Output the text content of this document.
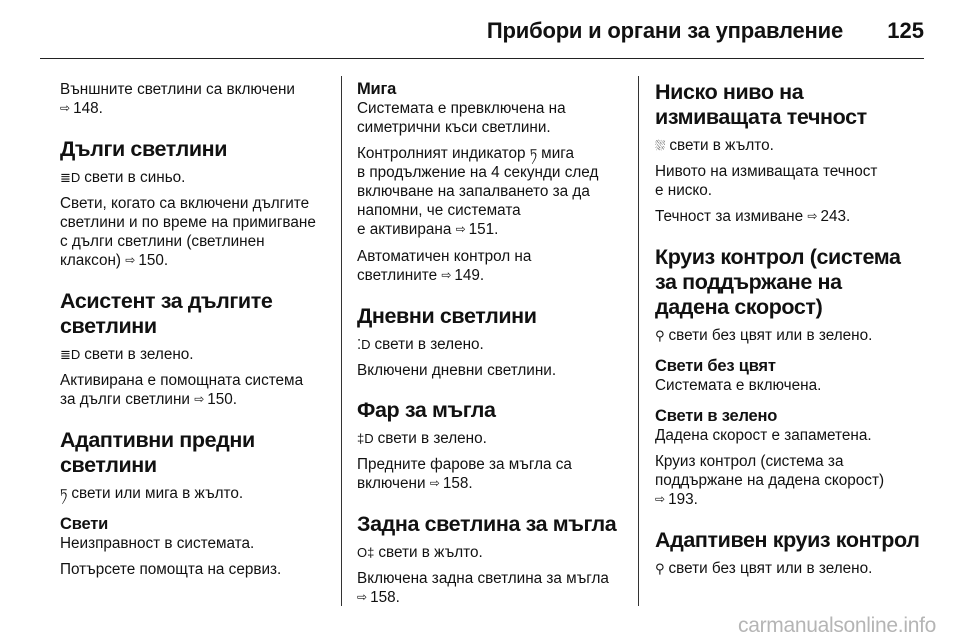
Прибори и органи за управление 125

Външните светлини са включени
⇨ 148.

Дълги светлини

≣D свети в синьо.

Свети, когато са включени дългите
светлини и по време на примигване
с дълги светлини (светлинен
клаксон) ⇨ 150.

Асистент за дългите
светлини

≣D свети в зелено.

Активирана е помощната система
за дълги светлини ⇨ 150.

Адаптивни предни
светлини

ཏ свети или мига в жълто.

Свети

Неизправност в системата.

Потърсете помощта на сервиз.

Мига

Системата е превключена на
симетрични къси светлини.

Контролният индикатор ཏ мига
в продължение на 4 секунди след
включване на запалването за да
напомни, че системата
е активирана ⇨ 151.

Автоматичен контрол на
светлините ⇨ 149.

Дневни светлини

⁚D свети в зелено.

Включени дневни светлини.

Фар за мъгла

‡D свети в зелено.

Предните фарове за мъгла са
включени ⇨ 158.

Задна светлина за мъгла

O‡ свети в жълто.

Включена задна светлина за мъгла
⇨ 158.

Ниско ниво на
измиващата течност

⛆ свети в жълто.

Нивото на измиващата течност
е ниско.

Течност за измиване ⇨ 243.

Круиз контрол (система
за поддържане на
дадена скорост)

⚲ свети без цвят или в зелено.

Свети без цвят

Системата е включена.

Свети в зелено

Дадена скорост е запаметена.

Круиз контрол (система за
поддържане на дадена скорост)
⇨ 193.

Адаптивен круиз контрол

⚲ свети без цвят или в зелено.

carmanualsonline.info
